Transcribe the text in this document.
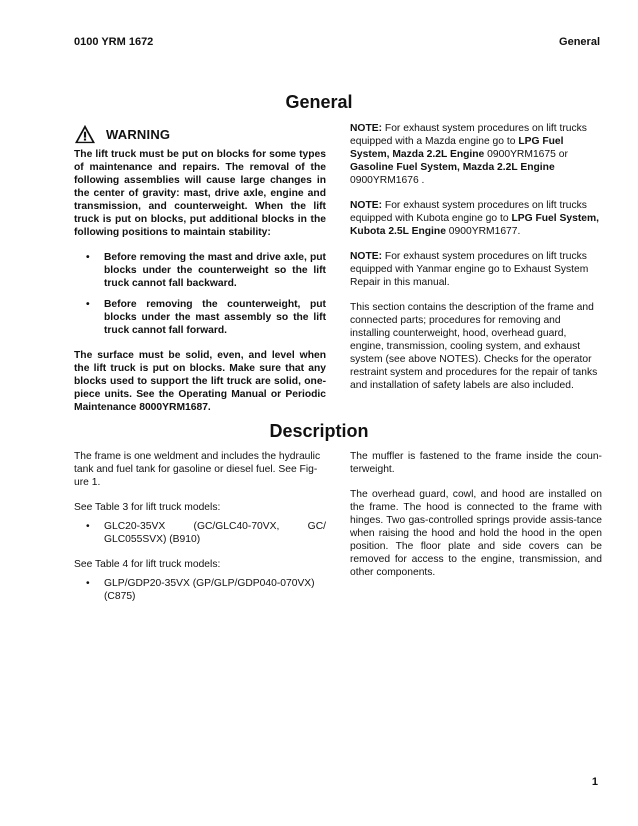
0100 YRM 1672	General
General
WARNING

The lift truck must be put on blocks for some types of maintenance and repairs. The removal of the following assemblies will cause large changes in the center of gravity: mast, drive axle, engine and transmission, and counterweight. When the lift truck is put on blocks, put additional blocks in the following positions to maintain stability:

• Before removing the mast and drive axle, put blocks under the counterweight so the lift truck cannot fall backward.
• Before removing the counterweight, put blocks under the mast assembly so the lift truck cannot fall forward.

The surface must be solid, even, and level when the lift truck is put on blocks. Make sure that any blocks used to support the lift truck are solid, one-piece units. See the Operating Manual or Periodic Maintenance 8000YRM1687.

NOTE: For exhaust system procedures on lift trucks equipped with a Mazda engine go to LPG Fuel System, Mazda 2.2L Engine 0900YRM1675 or Gasoline Fuel System, Mazda 2.2L Engine 0900YRM1676 .

NOTE: For exhaust system procedures on lift trucks equipped with Kubota engine go to LPG Fuel System, Kubota 2.5L Engine 0900YRM1677.

NOTE: For exhaust system procedures on lift trucks equipped with Yanmar engine go to Exhaust System Repair in this manual.

This section contains the description of the frame and connected parts; procedures for removing and installing counterweight, hood, overhead guard, engine, transmission, cooling system, and exhaust system (see above NOTES). Checks for the operator restraint system and procedures for the repair of tanks and installation of safety labels are also included.

Description

The frame is one weldment and includes the hydraulic tank and fuel tank for gasoline or diesel fuel. See Fig-ure 1.

See Table 3 for lift truck models:

• GLC20-35VX (GC/GLC40-70VX, GC/ GLC055SVX) (B910)

See Table 4 for lift truck models:

• GLP/GDP20-35VX (GP/GLP/GDP040-070VX) (C875)

The muffler is fastened to the frame inside the coun-terweight.

The overhead guard, cowl, and hood are installed on the frame. The hood is connected to the frame with hinges. Two gas-controlled springs provide assis-tance when raising the hood and hold the hood in the open position. The floor plate and side covers can be removed for access to the engine, transmission, and other components.

1
